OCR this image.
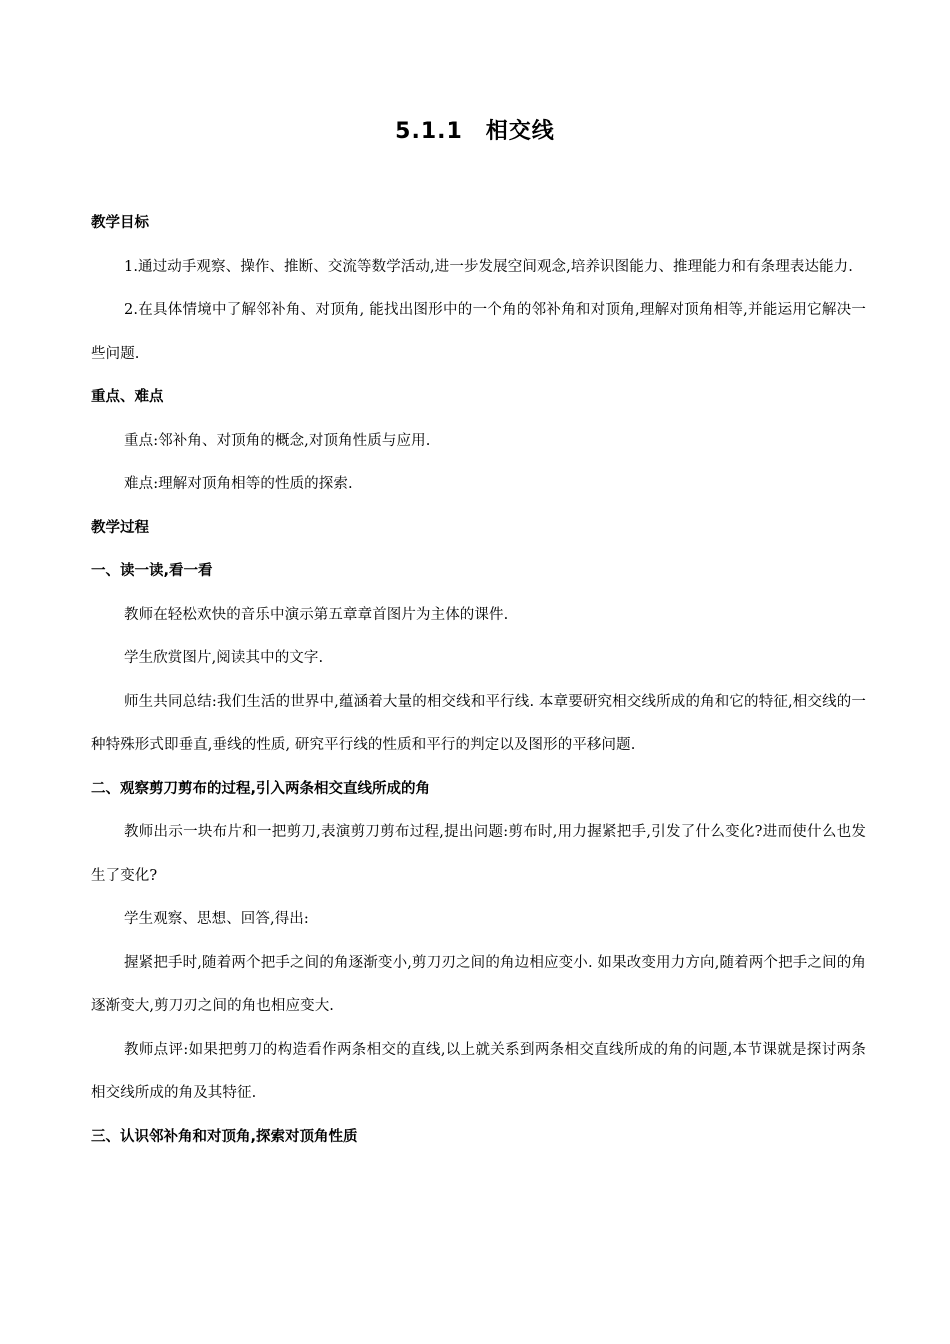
5.1.1　相交线

教学目标

1.通过动手观察、操作、推断、交流等数学活动,进一步发展空间观念,培养识图能力、推理能力和有条理表达能力.

2.在具体情境中了解邻补角、对顶角, 能找出图形中的一个角的邻补角和对顶角,理解对顶角相等,并能运用它解决一些问题.

重点、难点

重点:邻补角、对顶角的概念,对顶角性质与应用.

难点:理解对顶角相等的性质的探索.

教学过程

一、读一读,看一看

教师在轻松欢快的音乐中演示第五章章首图片为主体的课件.

学生欣赏图片,阅读其中的文字.

师生共同总结:我们生活的世界中,蕴涵着大量的相交线和平行线. 本章要研究相交线所成的角和它的特征,相交线的一种特殊形式即垂直,垂线的性质, 研究平行线的性质和平行的判定以及图形的平移问题.

二、观察剪刀剪布的过程,引入两条相交直线所成的角

教师出示一块布片和一把剪刀,表演剪刀剪布过程,提出问题:剪布时,用力握紧把手,引发了什么变化?进而使什么也发生了变化?

学生观察、思想、回答,得出:

握紧把手时,随着两个把手之间的角逐渐变小,剪刀刃之间的角边相应变小. 如果改变用力方向,随着两个把手之间的角逐渐变大,剪刀刃之间的角也相应变大.

教师点评:如果把剪刀的构造看作两条相交的直线,以上就关系到两条相交直线所成的角的问题,本节课就是探讨两条相交线所成的角及其特征.

三、认识邻补角和对顶角,探索对顶角性质
